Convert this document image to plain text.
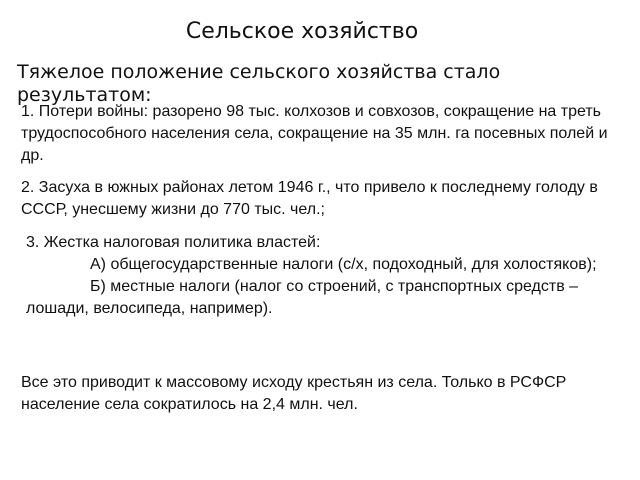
Сельское хозяйство
Тяжелое положение сельского хозяйства стало результатом:

1. Потери войны: разорено 98 тыс. колхозов и совхозов, сокращение на треть трудоспособного населения села, сокращение на 35 млн. га посевных полей и др.

2. Засуха в южных районах летом 1946 г., что привело к последнему голоду в СССР, унесшему жизни до 770 тыс. чел.;

3. Жестка налоговая политика властей:

А) общегосударственные налоги (с/х, подоходный, для холостяков);

Б) местные налоги (налог со строений, с транспортных средств – лошади, велосипеда, например).

Все это приводит к массовому исходу крестьян из села. Только в РСФСР население села сократилось на 2,4 млн. чел.
